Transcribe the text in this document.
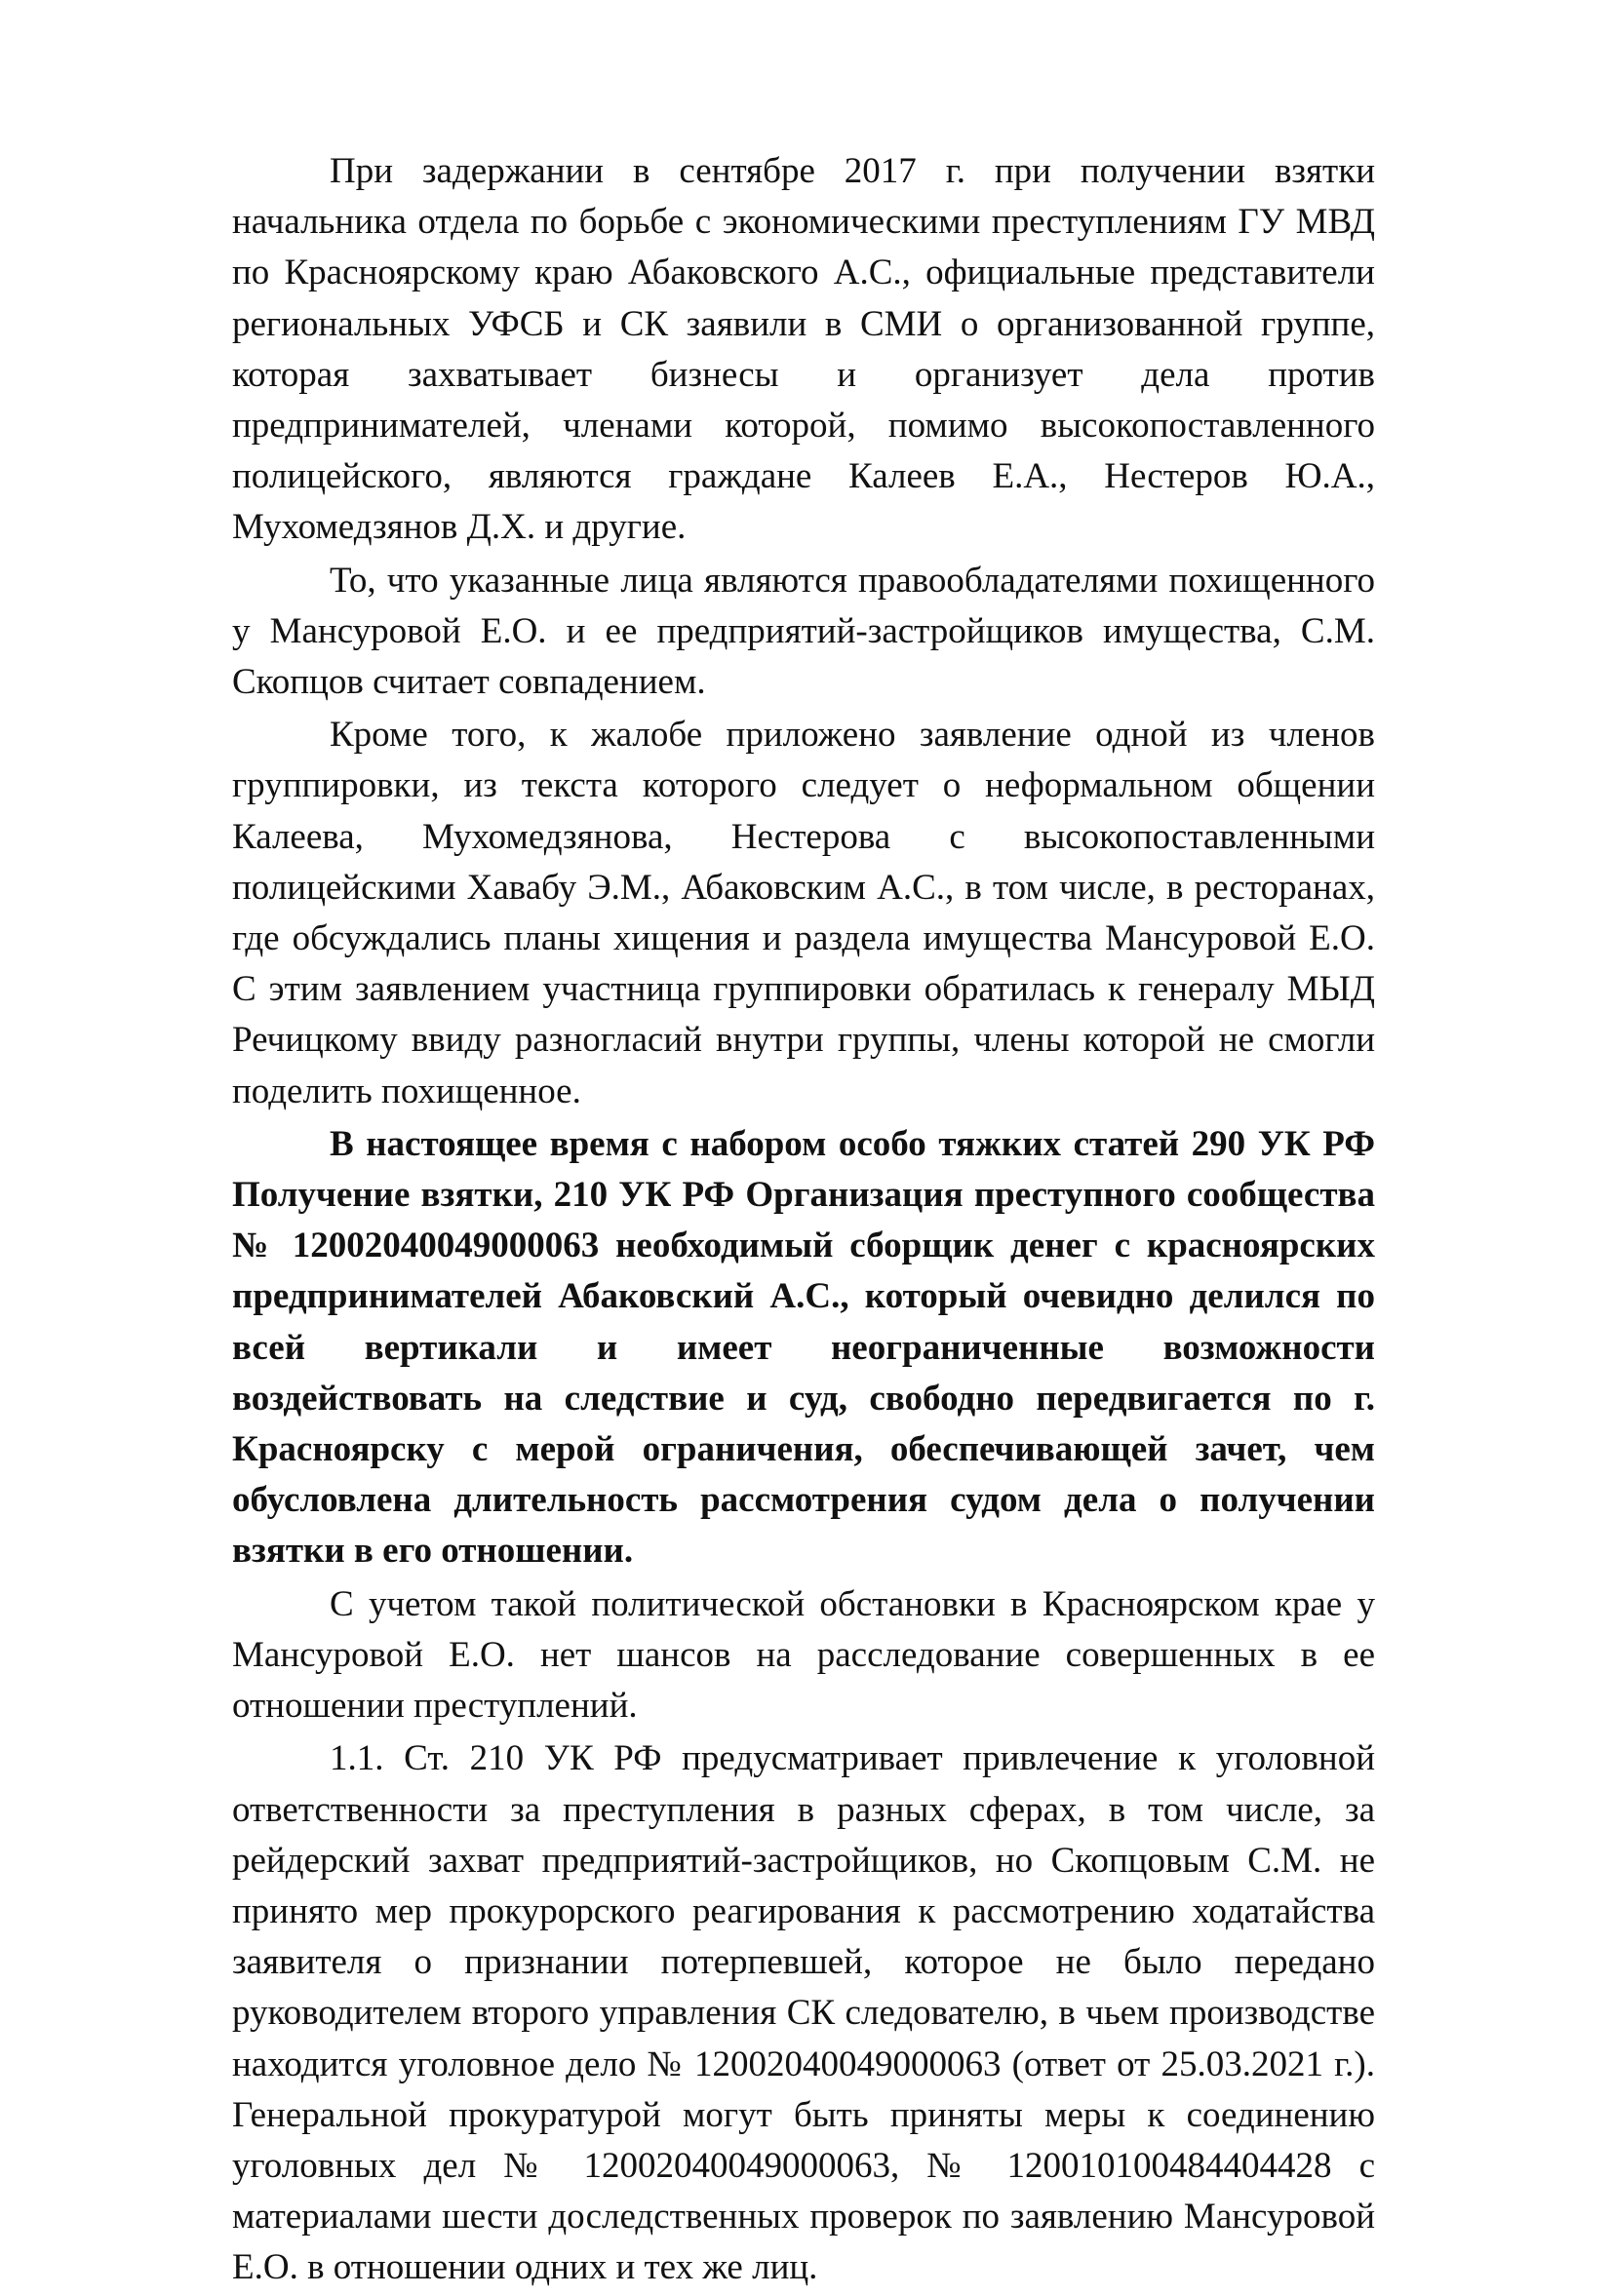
При задержании в сентябре 2017 г. при получении взятки начальника отдела по борьбе с экономическими преступлениям ГУ МВД по Красноярскому краю Абаковского А.С., официальные представители региональных УФСБ и СК заявили в СМИ о организованной группе, которая захватывает бизнесы и организует дела против предпринимателей, членами которой, помимо высокопоставленного полицейского, являются граждане Калеев Е.А., Нестеров Ю.А., Мухомедзянов Д.Х. и другие.

То, что указанные лица являются правообладателями похищенного у Мансуровой Е.О. и ее предприятий-застройщиков имущества, С.М. Скопцов считает совпадением.

Кроме того, к жалобе приложено заявление одной из членов группировки, из текста которого следует о неформальном общении Калеева, Мухомедзянова, Нестерова с высокопоставленными полицейскими Хавабу Э.М., Абаковским А.С., в том числе, в ресторанах, где обсуждались планы хищения и раздела имущества Мансуровой Е.О. С этим заявлением участница группировки обратилась к генералу МЫД Речицкому ввиду разногласий внутри группы, члены которой не смогли поделить похищенное.

В настоящее время с набором особо тяжких статей 290 УК РФ Получение взятки, 210 УК РФ Организация преступного сообщества № 12002040049000063 необходимый сборщик денег с красноярских предпринимателей Абаковский А.С., который очевидно делился по всей вертикали и имеет неограниченные возможности воздействовать на следствие и суд, свободно передвигается по г. Красноярску с мерой ограничения, обеспечивающей зачет, чем обусловлена длительность рассмотрения судом дела о получении взятки в его отношении.

С учетом такой политической обстановки в Красноярском крае у Мансуровой Е.О. нет шансов на расследование совершенных в ее отношении преступлений.

1.1. Ст. 210 УК РФ предусматривает привлечение к уголовной ответственности за преступления в разных сферах, в том числе, за рейдерский захват предприятий-застройщиков, но Скопцовым С.М. не принято мер прокурорского реагирования к рассмотрению ходатайства заявителя о признании потерпевшей, которое не было передано руководителем второго управления СК следователю, в чьем производстве находится уголовное дело № 12002040049000063 (ответ от 25.03.2021 г.). Генеральной прокуратурой могут быть приняты меры к соединению уголовных дел № 12002040049000063, № 120010100484404428 с материалами шести доследственных проверок по заявлению Мансуровой Е.О. в отношении одних и тех же лиц.
